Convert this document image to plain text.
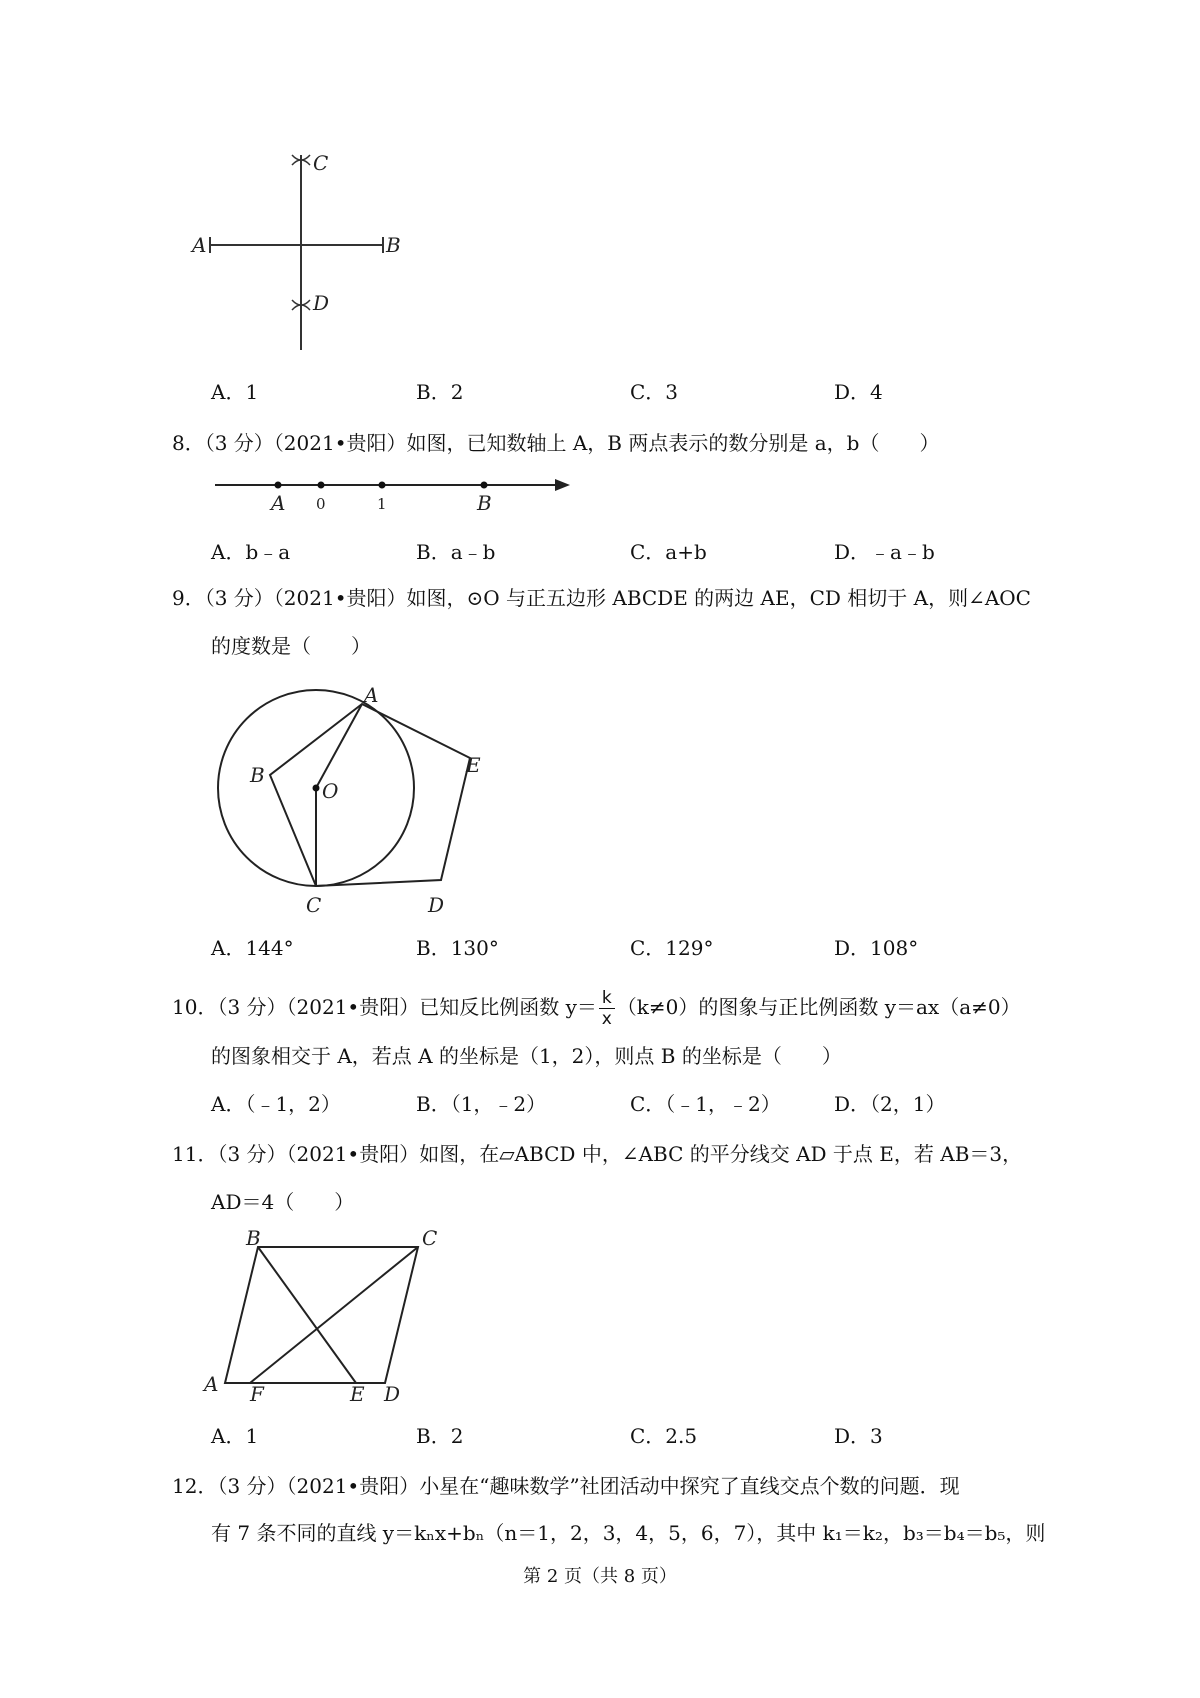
A	B
C
D
A．1	B．2	C．3	D．4
8．（3 分）（2021•贵阳）如图，已知数轴上 A，B 两点表示的数分别是 a，b（　　）
A 0	1	B
A．b﹣a	B．a﹣b	C．a+b	D．﹣a﹣b
9．（3 分）（2021•贵阳）如图，⊙O 与正五边形 ABCDE 的两边 AE，CD 相切于 A，则∠AOC
的度数是（　　）
A
B
O
E
C	D
A．144°	B．130°	C．129°	D．108°
10．（3 分）（2021•贵阳）已知反比例函数 $y= \frac{k}{x} (k\ne 0)$的图象与正比例函数 y＝ax（a≠0）
的图象相交于 A，若点 A 的坐标是（1，2），则点 B 的坐标是（　　）
A．（﹣1，2）	B．（1，﹣2）	C．（﹣1，﹣2）	D．（2，1）
11．（3 分）（2021•贵阳）如图，在▱ABCD 中，∠ABC 的平分线交 AD 于点 E，若 AB＝3，
AD＝4（　　）
B	C
A F	E D
A．1	B．2	C．2.5	D．3
12．（3 分）（2021•贵阳）小星在“趣味数学”社团活动中探究了直线交点个数的问题．现
有 7 条不同的直线 y＝kₙx+bₙ（n＝1，2，3，4，5，6，7），其中 k₁＝k₂，b₃＝b₄＝b₅，则
第 2 页（共 8 页）
